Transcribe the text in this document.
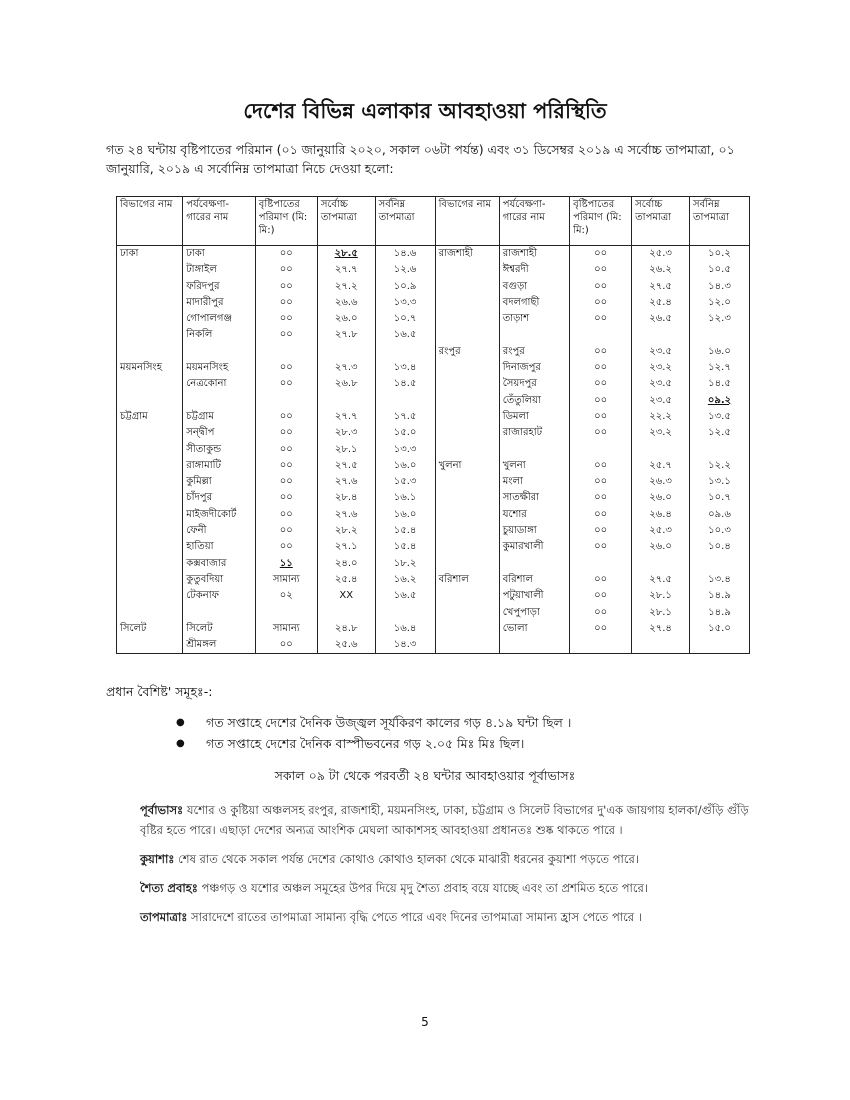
দেশের বিভিন্ন এলাকার আবহাওয়া পরিস্থিতি

গত ২৪ ঘন্টায় বৃষ্টিপাতের পরিমান (০১ জানুয়ারি ২০২০, সকাল ০৬টা পর্যন্ত) এবং ৩১ ডিসেম্বর ২০১৯ এ সর্বোচ্চ তাপমাত্রা, ০১ জানুয়ারি, ২০১৯ এ সর্বোনিম্ন তাপমাত্রা নিচে দেওয়া হলো:

বিভাগের নাম	পর্যবেক্ষণা-গারের নাম	বৃষ্টিপাতের পরিমাণ (মি: মি:)	সর্বোচ্চ তাপমাত্রা	সর্বনিম্ন তাপমাত্রা	বিভাগের নাম	পর্যবেক্ষণা-গারের নাম	বৃষ্টিপাতের পরিমাণ (মি: মি:)	সর্বোচ্চ তাপমাত্রা	সর্বনিম্ন তাপমাত্রা
ঢাকা	ঢাকা	০০	২৮.৫	১৪.৬	রাজশাহী	রাজশাহী	০০	২৫.৩	১০.২
	টাঙ্গাইল	০০	২৭.৭	১২.৬		ঈশ্বরদী	০০	২৬.২	১০.৫
	ফরিদপুর	০০	২৭.২	১০.৯		বগুড়া	০০	২৭.৫	১৪.৩
	মাদারীপুর	০০	২৬.৬	১৩.৩		বদলগাছী	০০	২৫.৪	১২.০
	গোপালগঞ্জ	০০	২৬.০	১০.৭		তাড়াশ	০০	২৬.৫	১২.৩
	নিকলি	০০	২৭.৮	১৬.৫					
					রংপুর	রংপুর	০০	২৩.৫	১৬.০
ময়মনসিংহ	ময়মনসিংহ	০০	২৭.৩	১৩.৪		দিনাজপুর	০০	২৩.২	১২.৭
	নেত্রকোনা	০০	২৬.৮	১৪.৫		সৈয়দপুর	০০	২৩.৫	১৪.৫
						তেঁতুলিয়া	০০	২৩.৫	০৯.২
চট্টগ্রাম	চট্টগ্রাম	০০	২৭.৭	১৭.৫		ডিমলা	০০	২২.২	১৩.৫
	সন্দ্বীপ	০০	২৮.৩	১৫.০		রাজারহাট	০০	২৩.২	১২.৫
	সীতাকুন্ড	০০	২৮.১	১৩.৩					
	রাঙ্গামাটি	০০	২৭.৫	১৬.০	খুলনা	খুলনা	০০	২৫.৭	১২.২
	কুমিল্লা	০০	২৭.৬	১৫.৩		মংলা	০০	২৬.৩	১৩.১
	চাঁদপুর	০০	২৮.৪	১৬.১		সাতক্ষীরা	০০	২৬.০	১০.৭
	মাইজদীকোর্ট	০০	২৭.৬	১৬.০		যশোর	০০	২৬.৪	০৯.৬
	ফেনী	০০	২৮.২	১৫.৪		চুয়াডাঙ্গা	০০	২৫.৩	১০.৩
	হাতিয়া	০০	২৭.১	১৫.৪		কুমারখালী	০০	২৬.০	১০.৪
	কক্সবাজার	১১	২৪.০	১৮.২					
	কুতুবদিয়া	সামান্য	২৫.৪	১৬.২	বরিশাল	বরিশাল	০০	২৭.৫	১৩.৪
	টেকনাফ	০২	XX	১৬.৫		পটুয়াখালী	০০	২৮.১	১৪.৯
						খেপুপাড়া	০০	২৮.১	১৪.৯
সিলেট	সিলেট	সামান্য	২৪.৮	১৬.৪		ভোলা	০০	২৭.৪	১৫.০
	শ্রীমঙ্গল	০০	২৫.৬	১৪.৩					

প্রধান বৈশিষ্ট' সমূহঃ-:

● গত সপ্তাহে দেশের দৈনিক উজ্জ্বল সূর্যকিরণ কালের গড় ৪.১৯ ঘন্টা ছিল ।
● গত সপ্তাহে দেশের দৈনিক বাস্পীভবনের গড় ২.০৫ মিঃ মিঃ ছিল।

সকাল ০৯ টা থেকে পরবর্তী ২৪ ঘন্টার আবহাওয়ার পূর্বাভাসঃ

পূর্বাভাসঃ যশোর ও কুষ্টিয়া অঞ্চলসহ রংপুর, রাজশাহী, ময়মনসিংহ, ঢাকা, চট্টগ্রাম ও সিলেট বিভাগের দু'এক জায়গায় হালকা/গুঁড়ি গুঁড়ি বৃষ্টির হতে পারে। এছাড়া দেশের অন্যত্র আংশিক মেঘলা আকাশসহ আবহাওয়া প্রধানতঃ শুষ্ক থাকতে পারে ।

কুয়াশাঃ শেষ রাত থেকে সকাল পর্যন্ত দেশের কোথাও কোথাও হালকা থেকে মাঝারী ধরনের কুয়াশা পড়তে পারে।

শৈত্য প্রবাহঃ পঞ্চগড় ও যশোর অঞ্চল সমূহের উপর দিয়ে মৃদু শৈত্য প্রবাহ বয়ে যাচ্ছে এবং তা প্রশমিত হতে পারে।

তাপমাত্রাঃ সারাদেশে রাতের তাপমাত্রা সামান্য বৃদ্ধি পেতে পারে এবং দিনের তাপমাত্রা সামান্য হ্রাস পেতে পারে ।

5
